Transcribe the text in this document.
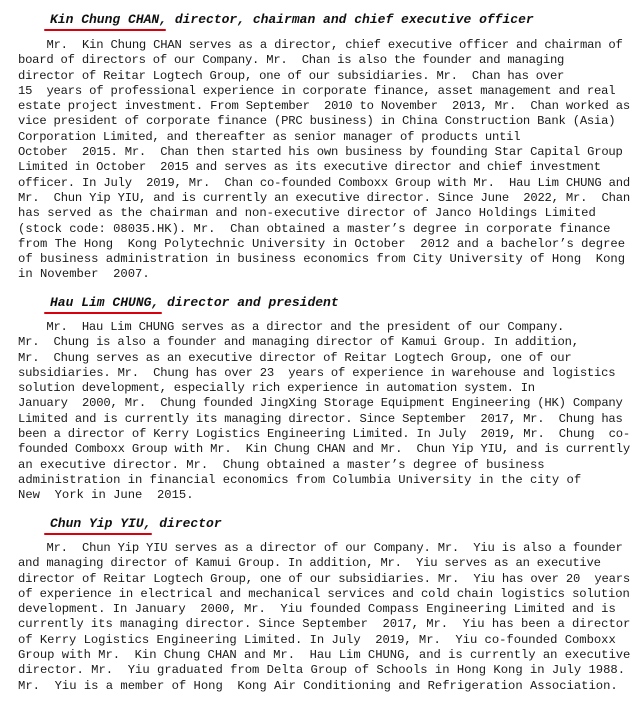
Kin Chung CHAN, director, chairman and chief executive officer
Mr.  Kin Chung CHAN serves as a director, chief executive officer and chairman of
board of directors of our Company. Mr.  Chan is also the founder and managing
director of Reitar Logtech Group, one of our subsidiaries. Mr.  Chan has over
15  years of professional experience in corporate finance, asset management and real
estate project investment. From September  2010 to November  2013, Mr.  Chan worked as
vice president of corporate finance (PRC business) in China Construction Bank (Asia)
Corporation Limited, and thereafter as senior manager of products until
October  2015. Mr.  Chan then started his own business by founding Star Capital Group
Limited in October  2015 and serves as its executive director and chief investment
officer. In July  2019, Mr.  Chan co-founded Comboxx Group with Mr.  Hau Lim CHUNG and
Mr.  Chun Yip YIU, and is currently an executive director. Since June  2022, Mr.  Chan
has served as the chairman and non-executive director of Janco Holdings Limited
(stock code: 08035.HK). Mr.  Chan obtained a master’s degree in corporate finance
from The Hong  Kong Polytechnic University in October  2012 and a bachelor’s degree
of business administration in business economics from City University of Hong  Kong
in November  2007.
Hau Lim CHUNG, director and president
Mr.  Hau Lim CHUNG serves as a director and the president of our Company.
Mr.  Chung is also a founder and managing director of Kamui Group. In addition,
Mr.  Chung serves as an executive director of Reitar Logtech Group, one of our
subsidiaries. Mr.  Chung has over 23  years of experience in warehouse and logistics
solution development, especially rich experience in automation system. In
January  2000, Mr.  Chung founded JingXing Storage Equipment Engineering (HK) Company
Limited and is currently its managing director. Since September  2017, Mr.  Chung has
been a director of Kerry Logistics Engineering Limited. In July  2019, Mr.  Chung  co-
founded Comboxx Group with Mr.  Kin Chung CHAN and Mr.  Chun Yip YIU, and is currently
an executive director. Mr.  Chung obtained a master’s degree of business
administration in financial economics from Columbia University in the city of
New  York in June  2015.
Chun Yip YIU, director
Mr.  Chun Yip YIU serves as a director of our Company. Mr.  Yiu is also a founder
and managing director of Kamui Group. In addition, Mr.  Yiu serves as an executive
director of Reitar Logtech Group, one of our subsidiaries. Mr.  Yiu has over 20  years
of experience in electrical and mechanical services and cold chain logistics solution
development. In January  2000, Mr.  Yiu founded Compass Engineering Limited and is
currently its managing director. Since September  2017, Mr.  Yiu has been a director
of Kerry Logistics Engineering Limited. In July  2019, Mr.  Yiu co-founded Comboxx
Group with Mr.  Kin Chung CHAN and Mr.  Hau Lim CHUNG, and is currently an executive
director. Mr.  Yiu graduated from Delta Group of Schools in Hong Kong in July 1988.
Mr.  Yiu is a member of Hong  Kong Air Conditioning and Refrigeration Association.
